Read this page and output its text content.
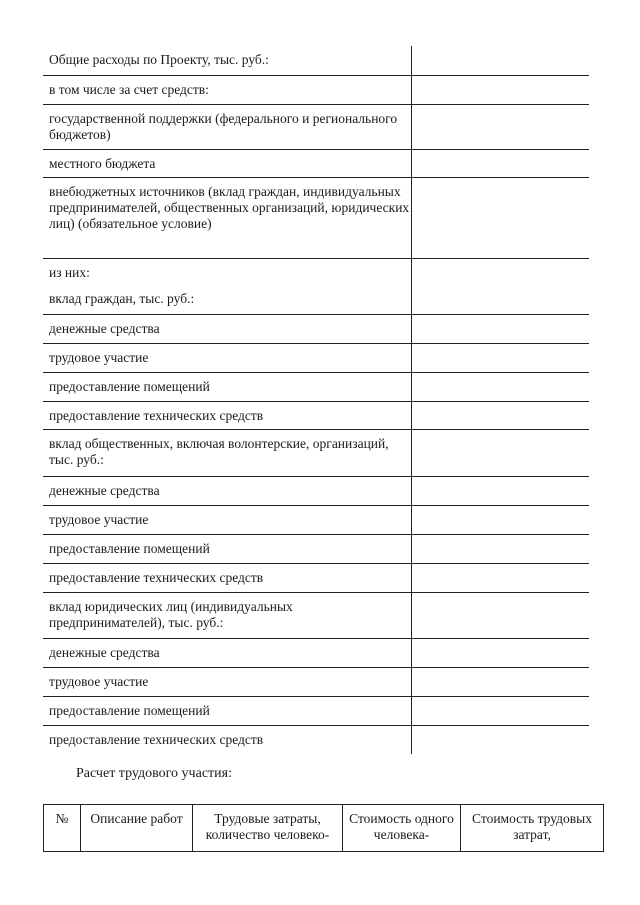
Общие расходы по Проекту, тыс. руб.:	
в том числе за счет средств:	
государственной поддержки (федерального и регионального бюджетов)	
местного бюджета	
внебюджетных источников (вклад граждан, индивидуальных предпринимателей, общественных организаций, юридических лиц) (обязательное условие)	
из них:	
вклад граждан, тыс. руб.:	
денежные средства	
трудовое участие	
предоставление помещений	
предоставление технических средств	
вклад общественных, включая волонтерские, организаций, тыс. руб.:	
денежные средства	
трудовое участие	
предоставление помещений	
предоставление технических средств	
вклад юридических лиц (индивидуальных предпринимателей), тыс. руб.:	
денежные средства	
трудовое участие	
предоставление помещений	
предоставление технических средств	
Расчет трудового участия:
№	Описание работ	Трудовые затраты, количество человеко-	Стоимость одного человека-	Стоимость трудовых затрат,
